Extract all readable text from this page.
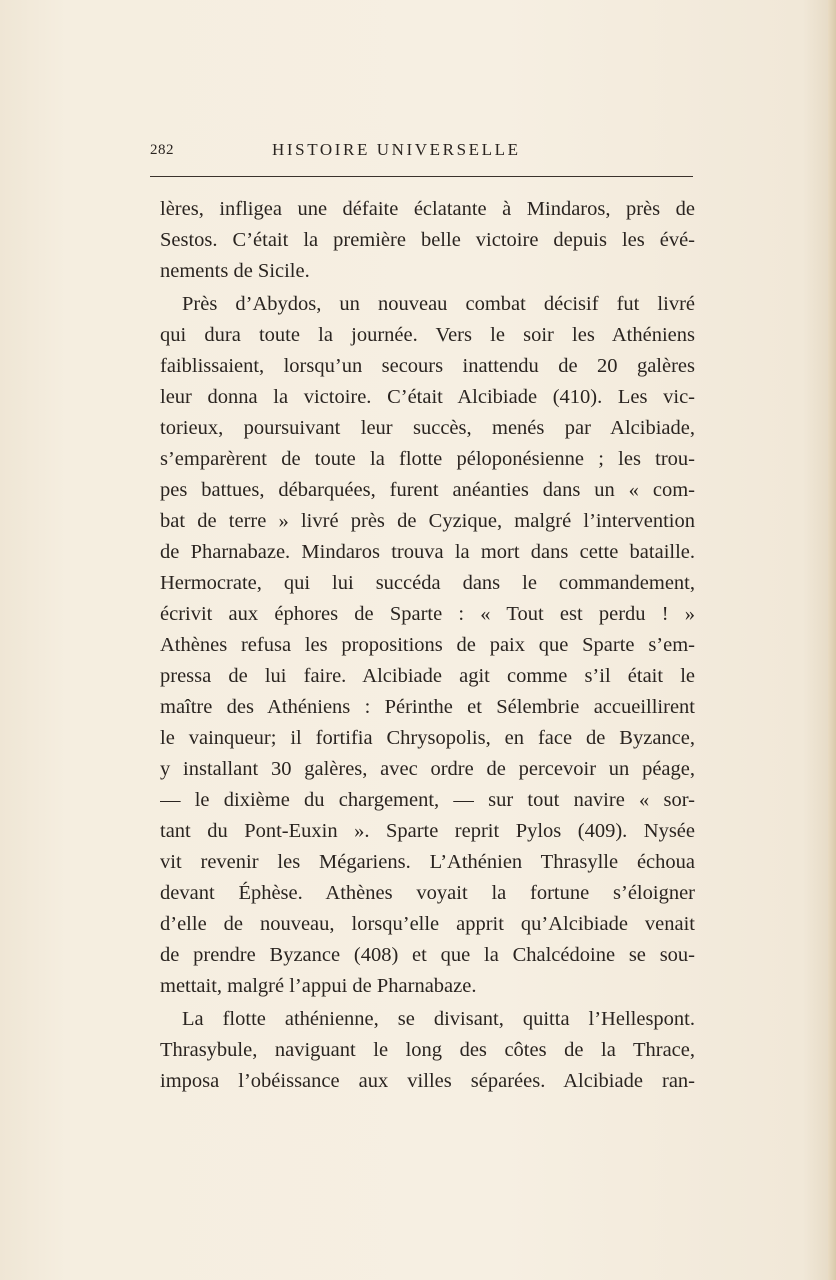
282	HISTOIRE UNIVERSELLE
lères, infligea une défaite éclatante à Mindaros, près de
Sestos. C’était la première belle victoire depuis les évé-
nements de Sicile.
Près d’Abydos, un nouveau combat décisif fut livré
qui dura toute la journée. Vers le soir les Athéniens
faiblissaient, lorsqu’un secours inattendu de 20 galères
leur donna la victoire. C’était Alcibiade (410). Les vic-
torieux, poursuivant leur succès, menés par Alcibiade,
s’emparèrent de toute la flotte péloponésienne ; les trou-
pes battues, débarquées, furent anéanties dans un « com-
bat de terre » livré près de Cyzique, malgré l’intervention
de Pharnabaze. Mindaros trouva la mort dans cette bataille.
Hermocrate, qui lui succéda dans le commandement,
écrivit aux éphores de Sparte : « Tout est perdu ! »
Athènes refusa les propositions de paix que Sparte s’em-
pressa de lui faire. Alcibiade agit comme s’il était le
maître des Athéniens : Périnthe et Sélembrie accueillirent
le vainqueur; il fortifia Chrysopolis, en face de Byzance,
y installant 30 galères, avec ordre de percevoir un péage,
— le dixième du chargement, — sur tout navire « sor-
tant du Pont-Euxin ». Sparte reprit Pylos (409). Nysée
vit revenir les Mégariens. L’Athénien Thrasylle échoua
devant Éphèse. Athènes voyait la fortune s’éloigner
d’elle de nouveau, lorsqu’elle apprit qu’Alcibiade venait
de prendre Byzance (408) et que la Chalcédoine se sou-
mettait, malgré l’appui de Pharnabaze.
La flotte athénienne, se divisant, quitta l’Hellespont.
Thrasybule, naviguant le long des côtes de la Thrace,
imposa l’obéissance aux villes séparées. Alcibiade ran-
